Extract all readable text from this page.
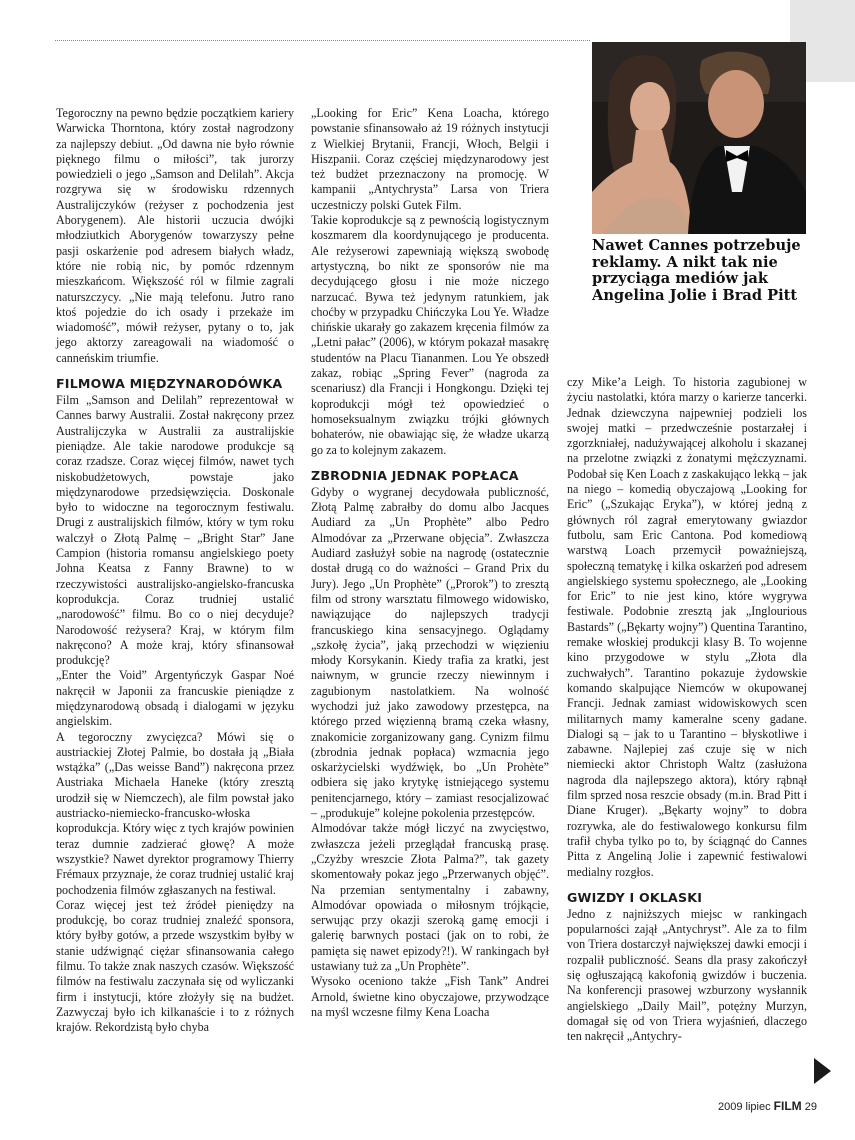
Nawet Cannes potrzebuje reklamy. A nikt tak nie przyciąga mediów jak Angelina Jolie i Brad Pitt

Tegoroczny na pewno będzie początkiem kariery Warwicka Thorntona, który został nagrodzony za najlepszy debiut. „Od dawna nie było równie pięknego filmu o miłości”, tak jurorzy powiedzieli o jego „Samson and Delilah”. Akcja rozgrywa się w środowisku rdzennych Australijczyków (reżyser z pochodzenia jest Aborygenem). Ale historii uczucia dwójki młodziutkich Aborygenów towarzyszy pełne pasji oskarżenie pod adresem białych władz, które nie robią nic, by pomóc rdzennym mieszkańcom. Większość ról w filmie zagrali naturszczycy. „Nie mają telefonu. Jutro rano ktoś pojedzie do ich osady i przekaże im wiadomość”, mówił reżyser, pytany o to, jak jego aktorzy zareagowali na wiadomość o canneńskim triumfie.

FILMOWA MIĘDZYNARODÓWKA

Film „Samson and Delilah” reprezentował w Cannes barwy Australii. Został nakręcony przez Australijczyka w Australii za australijskie pieniądze. Ale takie narodowe produkcje są coraz rzadsze. Coraz więcej filmów, nawet tych niskobudżetowych, powstaje jako międzynarodowe przedsięwzięcia. Doskonale było to widoczne na tegorocznym festiwalu. Drugi z australijskich filmów, który w tym roku walczył o Złotą Palmę – „Bright Star” Jane Campion (historia romansu angielskiego poety Johna Keatsa z Fanny Brawne) to w rzeczywistości australijsko-angielsko-francuska koprodukcja. Coraz trudniej ustalić „narodowość” filmu. Bo co o niej decyduje? Narodowość reżysera? Kraj, w którym film nakręcono? A może kraj, który sfinansował produkcję?

„Enter the Void” Argentyńczyk Gaspar Noé nakręcił w Japonii za francuskie pieniądze z międzynarodową obsadą i dialogami w języku angielskim.

A tegoroczny zwycięzca? Mówi się o austriackiej Złotej Palmie, bo dostała ją „Biała wstążka” („Das weisse Band”) nakręcona przez Austriaka Michaela Haneke (który zresztą urodził się w Niemczech), ale film powstał jako austriacko-niemiecko-francusko-włoska koprodukcja. Który więc z tych krajów powinien teraz dumnie zadzierać głowę? A może wszystkie? Nawet dyrektor programowy Thierry Frémaux przyznaje, że coraz trudniej ustalić kraj pochodzenia filmów zgłaszanych na festiwal.

Coraz więcej jest też źródeł pieniędzy na produkcję, bo coraz trudniej znaleźć sponsora, który byłby gotów, a przede wszystkim byłby w stanie udźwignąć ciężar sfinansowania całego filmu. To także znak naszych czasów. Większość filmów na festiwalu zaczynała się od wyliczanki firm i instytucji, które złożyły się na budżet. Zazwyczaj było ich kilkanaście i to z różnych krajów. Rekordzistą było chyba

„Looking for Eric” Kena Loacha, którego powstanie sfinansowało aż 19 różnych instytucji z Wielkiej Brytanii, Francji, Włoch, Belgii i Hiszpanii. Coraz częściej międzynarodowy jest też budżet przeznaczony na promocję. W kampanii „Antychrysta” Larsa von Triera uczestniczy polski Gutek Film.

Takie koprodukcje są z pewnością logistycznym koszmarem dla koordynującego je producenta. Ale reżyserowi zapewniają większą swobodę artystyczną, bo nikt ze sponsorów nie ma decydującego głosu i nie może niczego narzucać. Bywa też jedynym ratunkiem, jak choćby w przypadku Chińczyka Lou Ye. Władze chińskie ukarały go zakazem kręcenia filmów za „Letni pałac” (2006), w którym pokazał masakrę studentów na Placu Tiananmen. Lou Ye obszedł zakaz, robiąc „Spring Fever” (nagroda za scenariusz) dla Francji i Hongkongu. Dzięki tej koprodukcji mógł też opowiedzieć o homoseksualnym związku trójki głównych bohaterów, nie obawiając się, że władze ukarzą go za to kolejnym zakazem.

ZBRODNIA JEDNAK POPŁACA

Gdyby o wygranej decydowała publiczność, Złotą Palmę zabrałby do domu albo Jacques Audiard za „Un Prophète” albo Pedro Almodóvar za „Przerwane objęcia”. Zwłaszcza Audiard zasłużył sobie na nagrodę (ostatecznie dostał drugą co do ważności – Grand Prix du Jury). Jego „Un Prophète” („Prorok”) to zresztą film od strony warsztatu filmowego widowisko, nawiązujące do najlepszych tradycji francuskiego kina sensacyjnego. Oglądamy „szkołę życia”, jaką przechodzi w więzieniu młody Korsykanin. Kiedy trafia za kratki, jest naiwnym, w gruncie rzeczy niewinnym i zagubionym nastolatkiem. Na wolność wychodzi już jako zawodowy przestępca, na którego przed więzienną bramą czeka własny, znakomicie zorganizowany gang. Cynizm filmu (zbrodnia jednak popłaca) wzmacnia jego oskarżycielski wydźwięk, bo „Un Prohète” odbiera się jako krytykę istniejącego systemu penitencjarnego, który – zamiast resocjalizować – „produkuje” kolejne pokolenia przestępców.

Almodóvar także mógł liczyć na zwycięstwo, zwłaszcza jeżeli przeglądał francuską prasę. „Czyżby wreszcie Złota Palma?”, tak gazety skomentowały pokaz jego „Przerwanych objęć”. Na przemian sentymentalny i zabawny, Almodóvar opowiada o miłosnym trójkącie, serwując przy okazji szeroką gamę emocji i galerię barwnych postaci (jak on to robi, że pamięta się nawet epizody?!). W rankingach był ustawiany tuż za „Un Prophète”.

Wysoko oceniono także „Fish Tank” Andrei Arnold, świetne kino obyczajowe, przywodzące na myśl wczesne filmy Kena Loacha

czy Mike’a Leigh. To historia zagubionej w życiu nastolatki, która marzy o karierze tancerki. Jednak dziewczyna najpewniej podzieli los swojej matki – przedwcześnie postarzałej i zgorzkniałej, nadużywającej alkoholu i skazanej na przelotne związki z żonatymi mężczyznami. Podobał się Ken Loach z zaskakująco lekką – jak na niego – komedią obyczajową „Looking for Eric” („Szukając Eryka”), w której jedną z głównych ról zagrał emerytowany gwiazdor futbolu, sam Eric Cantona. Pod komediową warstwą Loach przemycił poważniejszą, społeczną tematykę i kilka oskarżeń pod adresem angielskiego systemu społecznego, ale „Looking for Eric” to nie jest kino, które wygrywa festiwale. Podobnie zresztą jak „Inglourious Bastards” („Bękarty wojny”) Quentina Tarantino, remake włoskiej produkcji klasy B. To wojenne kino przygodowe w stylu „Złota dla zuchwałych”. Tarantino pokazuje żydowskie komando skalpujące Niemców w okupowanej Francji. Jednak zamiast widowiskowych scen militarnych mamy kameralne sceny gadane. Dialogi są – jak to u Tarantino – błyskotliwe i zabawne. Najlepiej zaś czuje się w nich niemiecki aktor Christoph Waltz (zasłużona nagroda dla najlepszego aktora), który rąbnął film sprzed nosa reszcie obsady (m.in. Brad Pitt i Diane Kruger). „Bękarty wojny” to dobra rozrywka, ale do festiwalowego konkursu film trafił chyba tylko po to, by ściągnąć do Cannes Pitta z Angeliną Jolie i zapewnić festiwalowi medialny rozgłos.

GWIZDY I OKLASKI

Jedno z najniższych miejsc w rankingach popularności zajął „Antychryst”. Ale za to film von Triera dostarczył największej dawki emocji i rozpalił publiczność. Seans dla prasy zakończył się ogłuszającą kakofonią gwizdów i buczenia. Na konferencji prasowej wzburzony wysłannik angielskiego „Daily Mail”, potężny Murzyn, domagał się od von Triera wyjaśnień, dlaczego ten nakręcił „Antychry-

2009 lipiec FILM 29
